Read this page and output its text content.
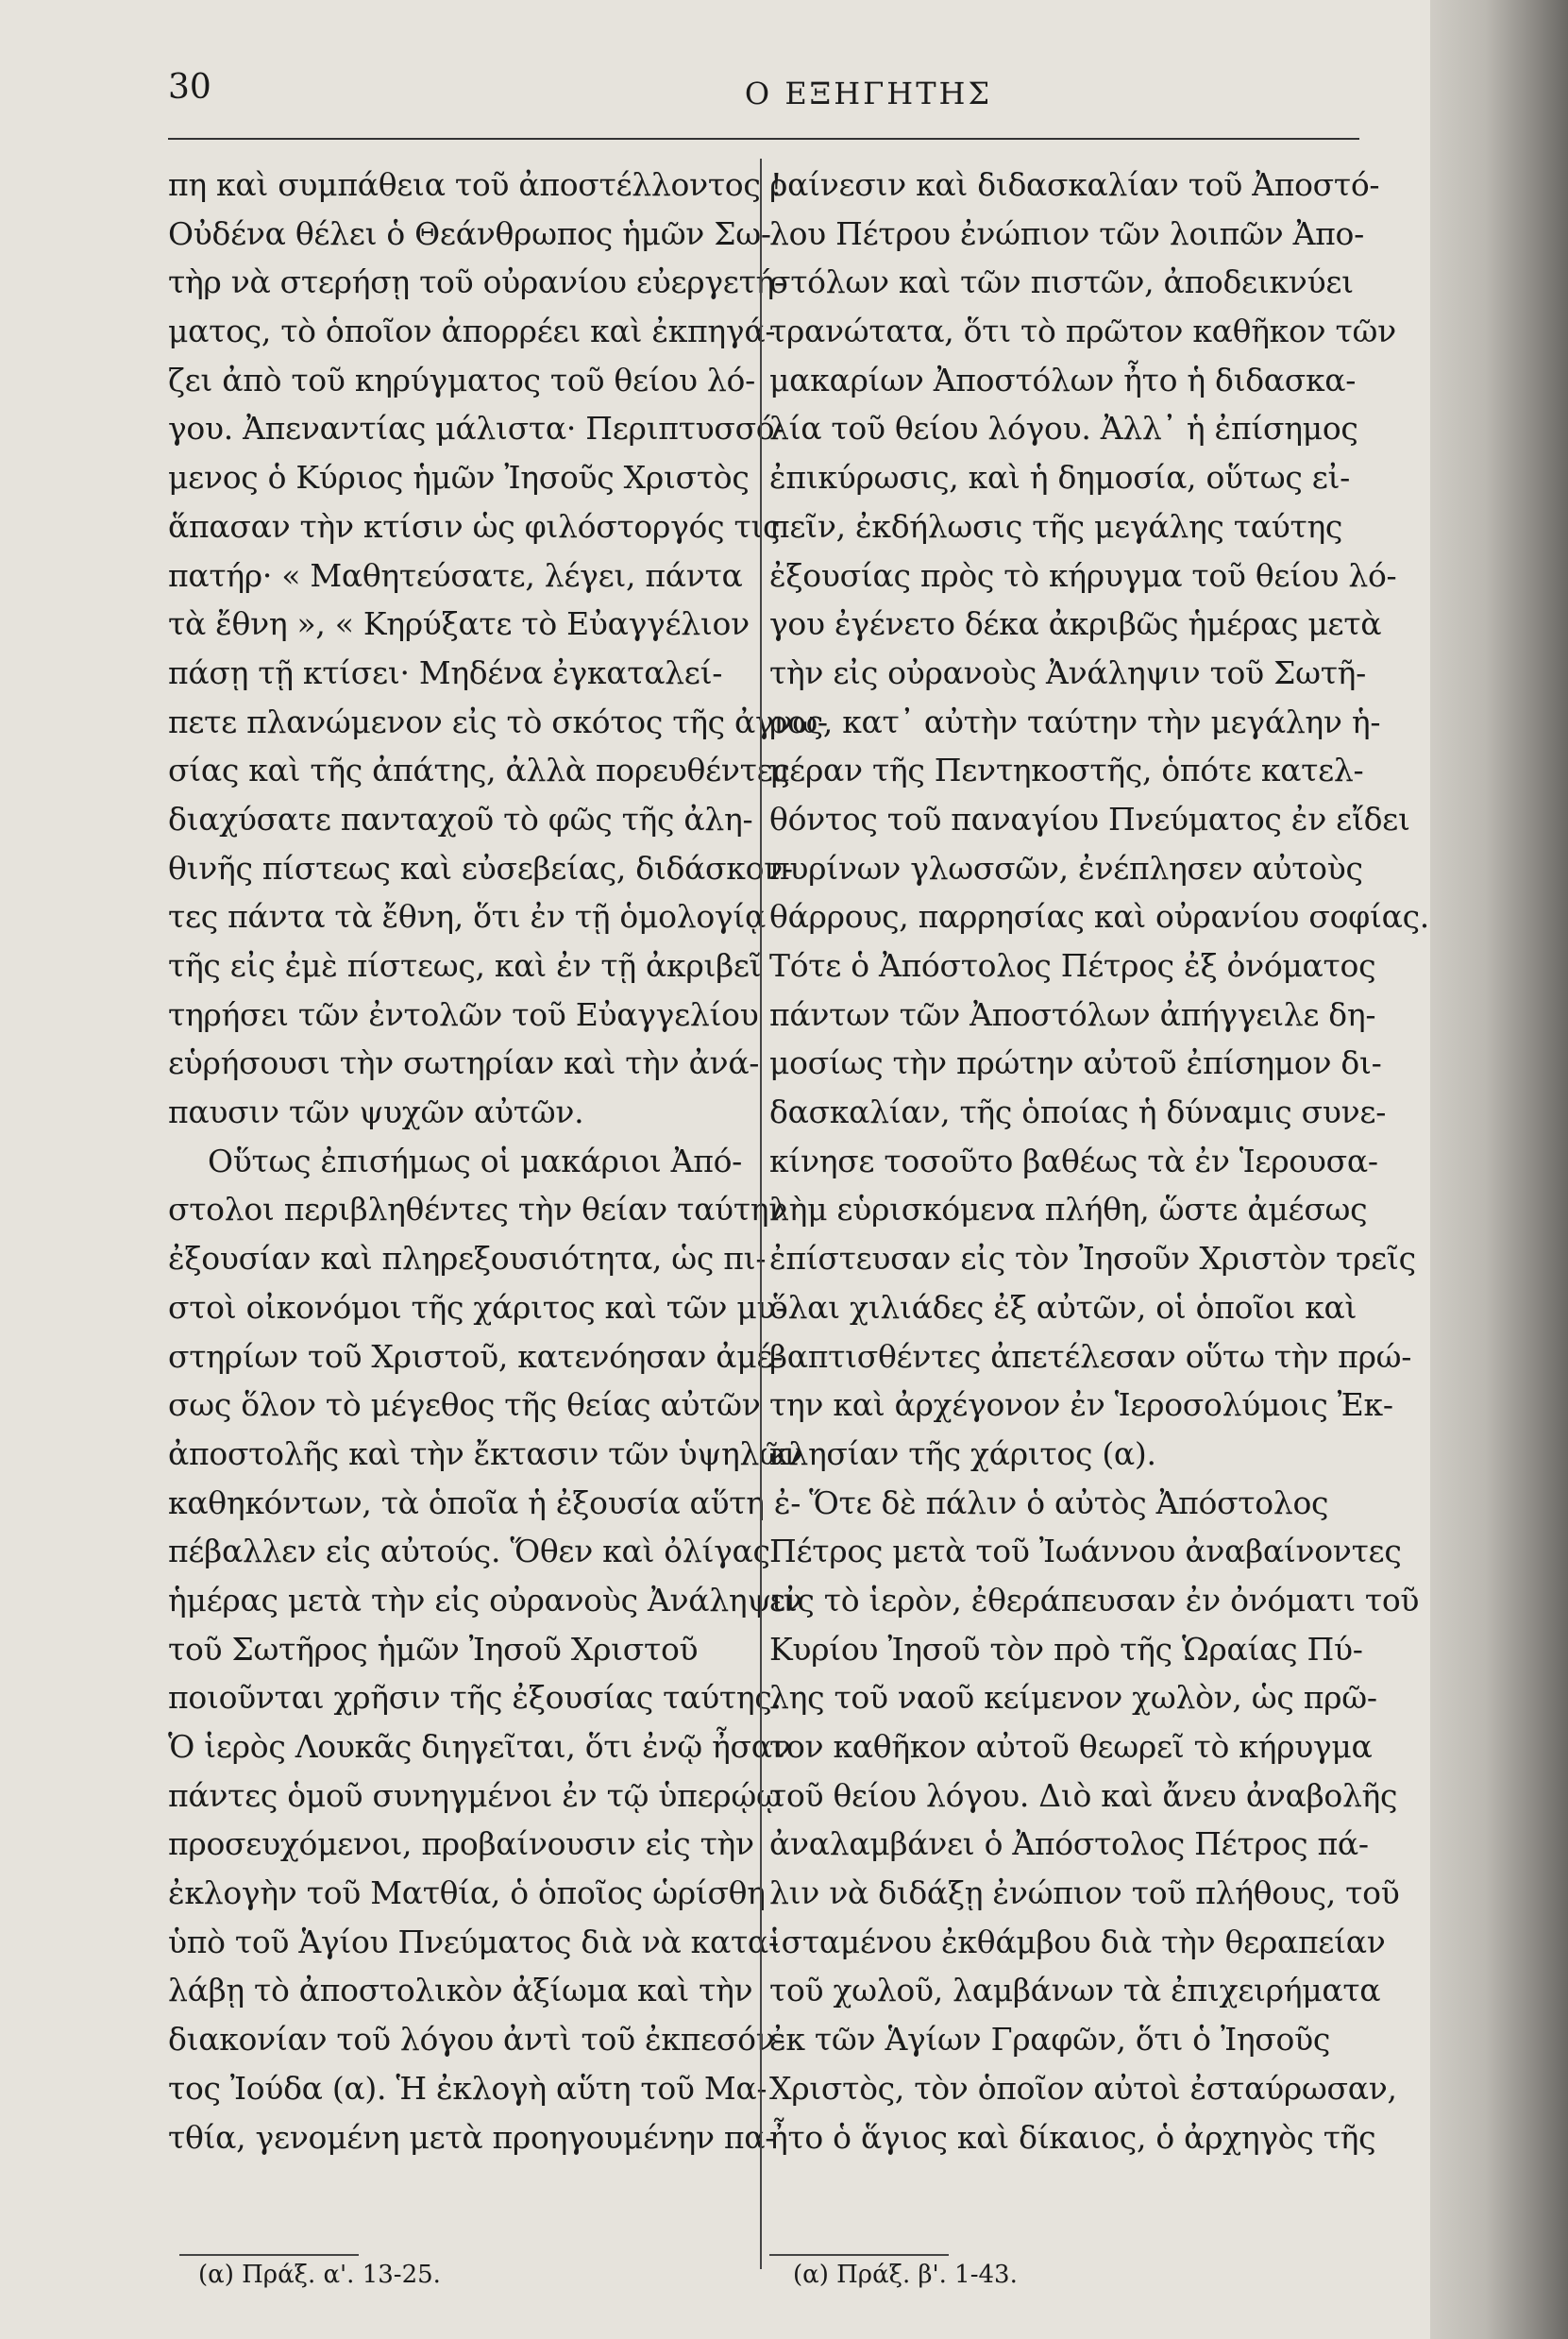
30	Ο ΕΞΗΓΗΤΗΣ
πη καὶ συμπάθεια τοῦ ἀποστέλλοντος !
Οὐδένα θέλει ὁ Θεάνθρωπος ἡμῶν Σω-
τὴρ νὰ στερήσῃ τοῦ οὐρανίου εὐεργετή-
ματος, τὸ ὁποῖον ἀπορρέει καὶ ἐκπηγά-
ζει ἀπὸ τοῦ κηρύγματος τοῦ θείου λό-
γου. Ἀπεναντίας μάλιστα· Περιπτυσσό-
μενος ὁ Κύριος ἡμῶν Ἰησοῦς Χριστὸς
ἅπασαν τὴν κτίσιν ὡς φιλόστοργός τις
πατήρ· « Μαθητεύσατε, λέγει, πάντα
τὰ ἔθνη », « Κηρύξατε τὸ Εὐαγγέλιον
πάσῃ τῇ κτίσει· Μηδένα ἐγκαταλεί-
πετε πλανώμενον εἰς τὸ σκότος τῆς ἀγνω-
σίας καὶ τῆς ἀπάτης, ἀλλὰ πορευθέντες
διαχύσατε πανταχοῦ τὸ φῶς τῆς ἀλη-
θινῆς πίστεως καὶ εὐσεβείας, διδάσκον-
τες πάντα τὰ ἔθνη, ὅτι ἐν τῇ ὁμολογίᾳ
τῆς εἰς ἐμὲ πίστεως, καὶ ἐν τῇ ἀκριβεῖ
τηρήσει τῶν ἐντολῶν τοῦ Εὐαγγελίου
εὑρήσουσι τὴν σωτηρίαν καὶ τὴν ἀνά-
παυσιν τῶν ψυχῶν αὐτῶν.
Οὕτως ἐπισήμως οἱ μακάριοι Ἀπό-
στολοι περιβληθέντες τὴν θείαν ταύτην
ἐξουσίαν καὶ πληρεξουσιότητα, ὡς πι-
στοὶ οἰκονόμοι τῆς χάριτος καὶ τῶν μυ-
στηρίων τοῦ Χριστοῦ, κατενόησαν ἀμέ-
σως ὅλον τὸ μέγεθος τῆς θείας αὐτῶν
ἀποστολῆς καὶ τὴν ἔκτασιν τῶν ὑψηλῶν
καθηκόντων, τὰ ὁποῖα ἡ ἐξουσία αὕτη ἐ-
πέβαλλεν εἰς αὐτούς. Ὅθεν καὶ ὀλίγας
ἡμέρας μετὰ τὴν εἰς οὐρανοὺς Ἀνάληψιν
τοῦ Σωτῆρος ἡμῶν Ἰησοῦ Χριστοῦ
ποιοῦνται χρῆσιν τῆς ἐξουσίας ταύτης.
Ὁ ἱερὸς Λουκᾶς διηγεῖται, ὅτι ἐνῷ ἦσαν
πάντες ὁμοῦ συνηγμένοι ἐν τῷ ὑπερῴῳ
προσευχόμενοι, προβαίνουσιν εἰς τὴν
ἐκλογὴν τοῦ Ματθία, ὁ ὁποῖος ὡρίσθη
ὑπὸ τοῦ Ἁγίου Πνεύματος διὰ νὰ κατα-
λάβῃ τὸ ἀποστολικὸν ἀξίωμα καὶ τὴν
διακονίαν τοῦ λόγου ἀντὶ τοῦ ἐκπεσόν-
τος Ἰούδα (α). Ἡ ἐκλογὴ αὕτη τοῦ Μα-
τθία, γενομένη μετὰ προηγουμένην πα-
ραίνεσιν καὶ διδασκαλίαν τοῦ Ἀποστό-
λου Πέτρου ἐνώπιον τῶν λοιπῶν Ἀπο-
στόλων καὶ τῶν πιστῶν, ἀποδεικνύει
τρανώτατα, ὅτι τὸ πρῶτον καθῆκον τῶν
μακαρίων Ἀποστόλων ἦτο ἡ διδασκα-
λία τοῦ θείου λόγου. Ἀλλ᾽ ἡ ἐπίσημος
ἐπικύρωσις, καὶ ἡ δημοσία, οὕτως εἰ-
πεῖν, ἐκδήλωσις τῆς μεγάλης ταύτης
ἐξουσίας πρὸς τὸ κήρυγμα τοῦ θείου λό-
γου ἐγένετο δέκα ἀκριβῶς ἡμέρας μετὰ
τὴν εἰς οὐρανοὺς Ἀνάληψιν τοῦ Σωτῆ-
ρος, κατ᾽ αὐτὴν ταύτην τὴν μεγάλην ἡ-
μέραν τῆς Πεντηκοστῆς, ὁπότε κατελ-
θόντος τοῦ παναγίου Πνεύματος ἐν εἴδει
πυρίνων γλωσσῶν, ἐνέπλησεν αὐτοὺς
θάρρους, παρρησίας καὶ οὐρανίου σοφίας.
Τότε ὁ Ἀπόστολος Πέτρος ἐξ ὀνόματος
πάντων τῶν Ἀποστόλων ἀπήγγειλε δη-
μοσίως τὴν πρώτην αὐτοῦ ἐπίσημον δι-
δασκαλίαν, τῆς ὁποίας ἡ δύναμις συνε-
κίνησε τοσοῦτο βαθέως τὰ ἐν Ἱερουσα-
λὴμ εὑρισκόμενα πλήθη, ὥστε ἀμέσως
ἐπίστευσαν εἰς τὸν Ἰησοῦν Χριστὸν τρεῖς
ὅλαι χιλιάδες ἐξ αὐτῶν, οἱ ὁποῖοι καὶ
βαπτισθέντες ἀπετέλεσαν οὕτω τὴν πρώ-
την καὶ ἀρχέγονον ἐν Ἱεροσολύμοις Ἐκ-
κλησίαν τῆς χάριτος (α).
Ὅτε δὲ πάλιν ὁ αὐτὸς Ἀπόστολος
Πέτρος μετὰ τοῦ Ἰωάννου ἀναβαίνοντες
εἰς τὸ ἱερὸν, ἐθεράπευσαν ἐν ὀνόματι τοῦ
Κυρίου Ἰησοῦ τὸν πρὸ τῆς Ὡραίας Πύ-
λης τοῦ ναοῦ κείμενον χωλὸν, ὡς πρῶ-
τον καθῆκον αὐτοῦ θεωρεῖ τὸ κήρυγμα
τοῦ θείου λόγου. Διὸ καὶ ἄνευ ἀναβολῆς
ἀναλαμβάνει ὁ Ἀπόστολος Πέτρος πά-
λιν νὰ διδάξῃ ἐνώπιον τοῦ πλήθους, τοῦ
ἱσταμένου ἐκθάμβου διὰ τὴν θεραπείαν
τοῦ χωλοῦ, λαμβάνων τὰ ἐπιχειρήματα
ἐκ τῶν Ἁγίων Γραφῶν, ὅτι ὁ Ἰησοῦς
Χριστὸς, τὸν ὁποῖον αὐτοὶ ἐσταύρωσαν,
ἦτο ὁ ἅγιος καὶ δίκαιος, ὁ ἀρχηγὸς τῆς
(α) Πράξ. α'. 13-25.	(α) Πράξ. β'. 1-43.
